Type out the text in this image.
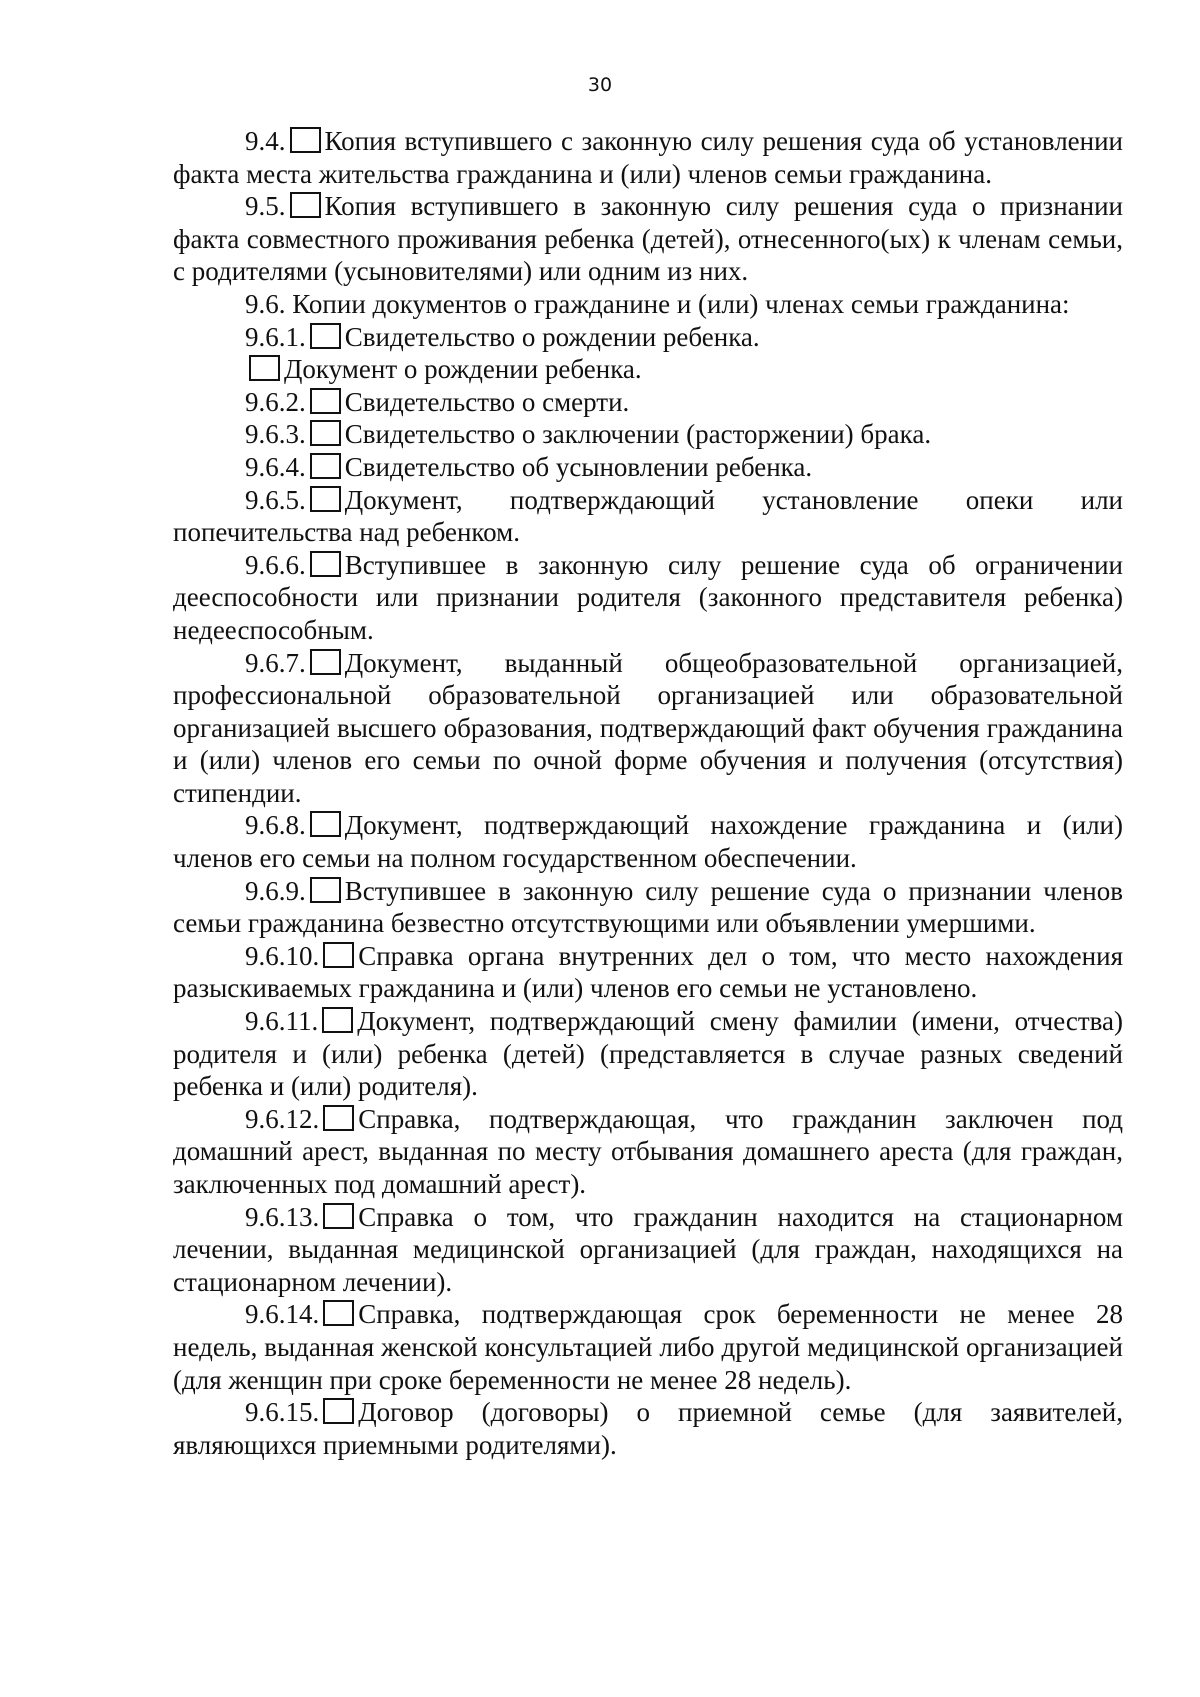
30

9.4. Копия вступившего с законную силу решения суда об установлении факта места жительства гражданина и (или) членов семьи гражданина.

9.5. Копия вступившего в законную силу решения суда о признании факта совместного проживания ребенка (детей), отнесенного(ых) к членам семьи, с родителями (усыновителями) или одним из них.

9.6. Копии документов о гражданине и (или) членах семьи гражданина:

9.6.1. Свидетельство о рождении ребенка.

Документ о рождении ребенка.

9.6.2. Свидетельство о смерти.

9.6.3. Свидетельство о заключении (расторжении) брака.

9.6.4. Свидетельство об усыновлении ребенка.

9.6.5. Документ, подтверждающий установление опеки или попечительства над ребенком.

9.6.6. Вступившее в законную силу решение суда об ограничении дееспособности или признании родителя (законного представителя ребенка) недееспособным.

9.6.7. Документ, выданный общеобразовательной организацией, профессиональной образовательной организацией или образовательной организацией высшего образования, подтверждающий факт обучения гражданина и (или) членов его семьи по очной форме обучения и получения (отсутствия) стипендии.

9.6.8. Документ, подтверждающий нахождение гражданина и (или) членов его семьи на полном государственном обеспечении.

9.6.9. Вступившее в законную силу решение суда о признании членов семьи гражданина безвестно отсутствующими или объявлении умершими.

9.6.10. Справка органа внутренних дел о том, что место нахождения разыскиваемых гражданина и (или) членов его семьи не установлено.

9.6.11. Документ, подтверждающий смену фамилии (имени, отчества) родителя и (или) ребенка (детей) (представляется в случае разных сведений ребенка и (или) родителя).

9.6.12. Справка, подтверждающая, что гражданин заключен под домашний арест, выданная по месту отбывания домашнего ареста (для граждан, заключенных под домашний арест).

9.6.13. Справка о том, что гражданин находится на стационарном лечении, выданная медицинской организацией (для граждан, находящихся на стационарном лечении).

9.6.14. Справка, подтверждающая срок беременности не менее 28 недель, выданная женской консультацией либо другой медицинской организацией (для женщин при сроке беременности не менее 28 недель).

9.6.15. Договор (договоры) о приемной семье (для заявителей, являющихся приемными родителями).
